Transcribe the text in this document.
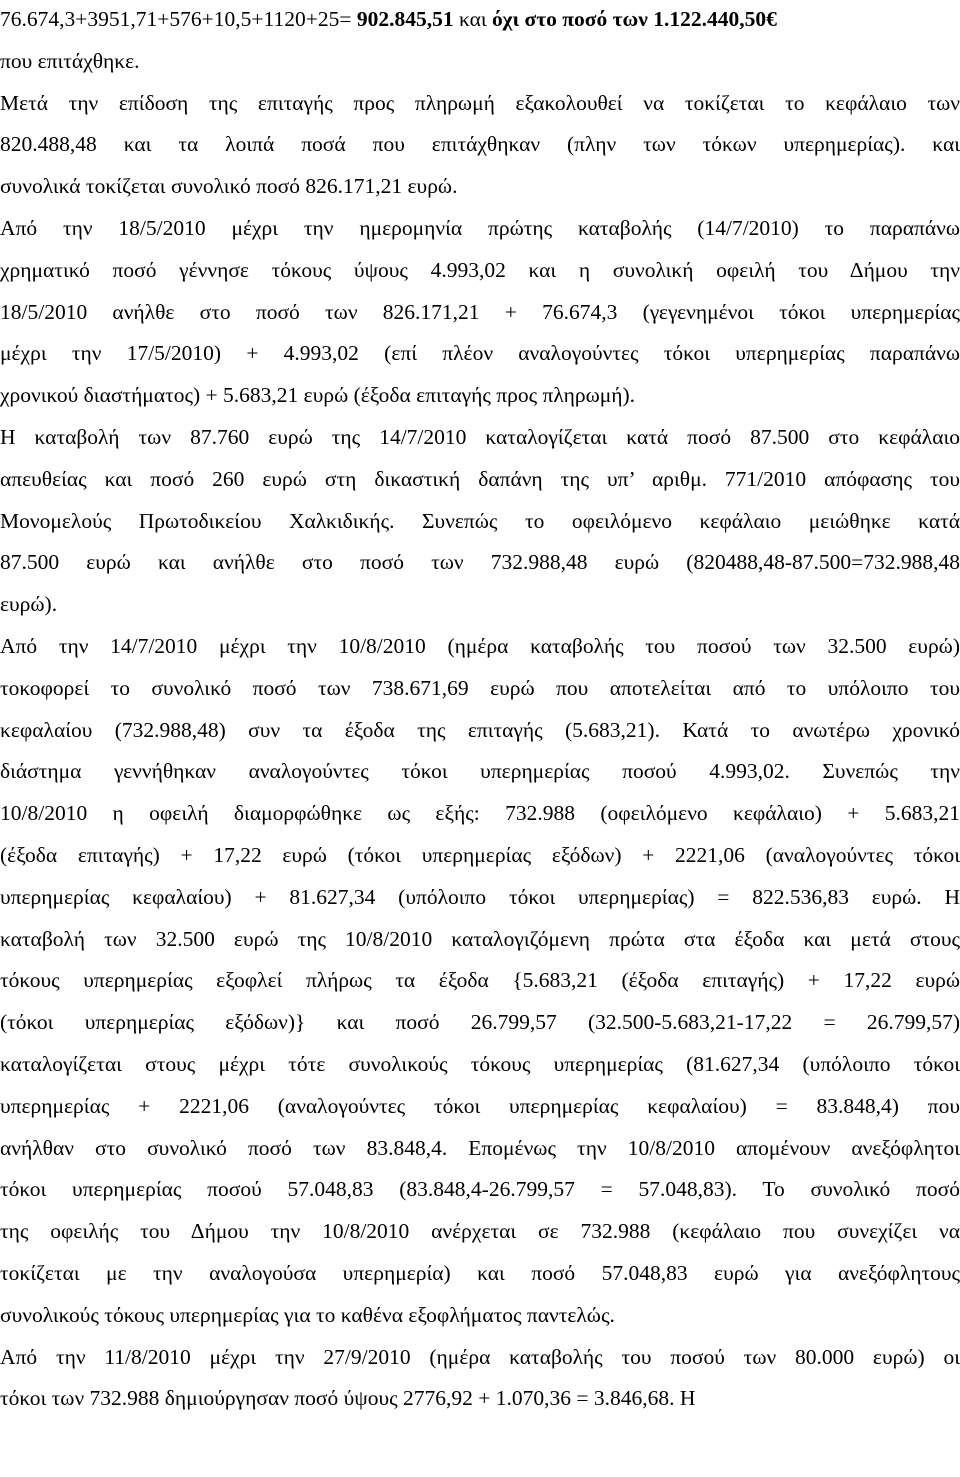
76.674,3+3951,71+576+10,5+1120+25= 902.845,51 και όχι στο ποσό των 1.122.440,50€
που επιτάχθηκε.
Μετά την επίδοση της επιταγής προς πληρωμή εξακολουθεί να τοκίζεται το κεφάλαιο των
820.488,48 και τα λοιπά ποσά που επιτάχθηκαν (πλην των τόκων υπερημερίας). και
συνολικά τοκίζεται συνολικό ποσό 826.171,21 ευρώ.
Από την 18/5/2010 μέχρι την ημερομηνία πρώτης καταβολής (14/7/2010) το παραπάνω
χρηματικό ποσό γέννησε τόκους ύψους 4.993,02 και η συνολική οφειλή του Δήμου την
18/5/2010 ανήλθε στο ποσό των 826.171,21 + 76.674,3 (γεγενημένοι τόκοι υπερημερίας
μέχρι την 17/5/2010) + 4.993,02 (επί πλέον αναλογούντες τόκοι υπερημερίας παραπάνω
χρονικού διαστήματος) + 5.683,21 ευρώ (έξοδα επιταγής προς πληρωμή).
Η καταβολή των 87.760 ευρώ της 14/7/2010 καταλογίζεται κατά ποσό 87.500 στο κεφάλαιο
απευθείας και ποσό 260 ευρώ στη δικαστική δαπάνη της υπ’ αριθμ. 771/2010 απόφασης του
Μονομελούς Πρωτοδικείου Χαλκιδικής. Συνεπώς το οφειλόμενο κεφάλαιο μειώθηκε κατά
87.500 ευρώ και ανήλθε στο ποσό των 732.988,48 ευρώ (820488,48-87.500=732.988,48
ευρώ).
Από την 14/7/2010 μέχρι την 10/8/2010 (ημέρα καταβολής του ποσού των 32.500 ευρώ)
τοκοφορεί το συνολικό ποσό των 738.671,69 ευρώ που αποτελείται από το υπόλοιπο του
κεφαλαίου (732.988,48) συν τα έξοδα της επιταγής (5.683,21). Κατά το ανωτέρω χρονικό
διάστημα γεννήθηκαν αναλογούντες τόκοι υπερημερίας ποσού 4.993,02. Συνεπώς την
10/8/2010 η οφειλή διαμορφώθηκε ως εξής: 732.988 (οφειλόμενο κεφάλαιο) + 5.683,21
(έξοδα επιταγής) + 17,22 ευρώ (τόκοι υπερημερίας εξόδων) + 2221,06 (αναλογούντες τόκοι
υπερημερίας κεφαλαίου) + 81.627,34 (υπόλοιπο τόκοι υπερημερίας) = 822.536,83 ευρώ. Η
καταβολή των 32.500 ευρώ της 10/8/2010 καταλογιζόμενη πρώτα στα έξοδα και μετά στους
τόκους υπερημερίας εξοφλεί πλήρως τα έξοδα {5.683,21 (έξοδα επιταγής) + 17,22 ευρώ
(τόκοι υπερημερίας εξόδων)} και ποσό 26.799,57 (32.500-5.683,21-17,22 = 26.799,57)
καταλογίζεται στους μέχρι τότε συνολικούς τόκους υπερημερίας (81.627,34 (υπόλοιπο τόκοι
υπερημερίας + 2221,06 (αναλογούντες τόκοι υπερημερίας κεφαλαίου) = 83.848,4) που
ανήλθαν στο συνολικό ποσό των 83.848,4. Επομένως την 10/8/2010 απομένουν ανεξόφλητοι
τόκοι υπερημερίας ποσού 57.048,83 (83.848,4-26.799,57 = 57.048,83). Το συνολικό ποσό
της οφειλής του Δήμου την 10/8/2010 ανέρχεται σε 732.988 (κεφάλαιο που συνεχίζει να
τοκίζεται με την αναλογούσα υπερημερία) και ποσό 57.048,83 ευρώ για ανεξόφλητους
συνολικούς τόκους υπερημερίας για το καθένα εξοφλήματος παντελώς.
Από την 11/8/2010 μέχρι την 27/9/2010 (ημέρα καταβολής του ποσού των 80.000 ευρώ) οι
τόκοι των 732.988 δημιούργησαν ποσό ύψους 2776,92 + 1.070,36 = 3.846,68. Η
